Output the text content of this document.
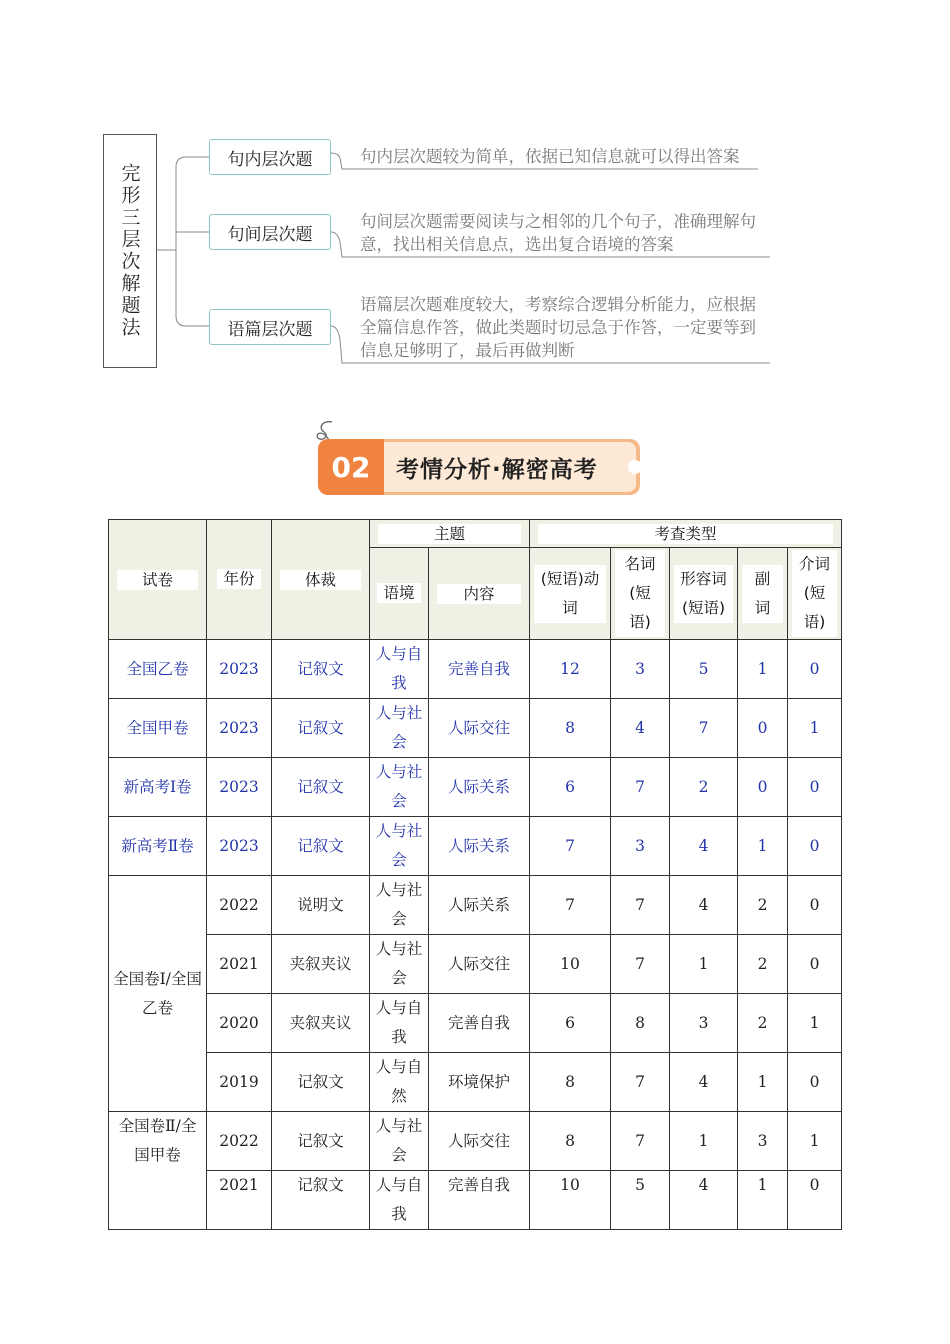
完形三层次解题法
句内层次题	句内层次题较为简单，依据已知信息就可以得出答案
句间层次题
句间层次题需要阅读与之相邻的几个句子，准确理解句意，找出相关信息点，选出复合语境的答案
语篇层次题
语篇层次题难度较大，考察综合逻辑分析能力，应根据全篇信息作答，做此类题时切忌急于作答，一定要等到信息足够明了，最后再做判断
02	考情分析·解密高考
试卷	年份	体裁	主题		考查类型				

			语境	内容	(短语)动词	名词(短语)	形容词(短语)	副词	介词(短语)
全国乙卷	2023	记叙文	人与自我	完善自我	12	3	5	1	0
全国甲卷	2023	记叙文	人与社会	人际交往	8	4	7	0	1
新高考Ⅰ卷	2023	记叙文	人与社会	人际关系	6	7	2	0	0
新高考Ⅱ卷	2023	记叙文	人与社会	人际关系	7	3	4	1	0
全国卷Ⅰ/全国乙卷	2022	说明文	人与社会	人际关系	7	7	4	2	0
	2021	夹叙夹议	人与社会	人际交往	10	7	1	2	0
	2020	夹叙夹议	人与自我	完善自我	6	8	3	2	1
	2019	记叙文	人与自然	环境保护	8	7	4	1	0
全国卷Ⅱ/全国甲卷	2022	记叙文	人与社会	人际交往	8	7	1	3	1
	2021	记叙文	人与自我	完善自我	10	5	4	1	0
